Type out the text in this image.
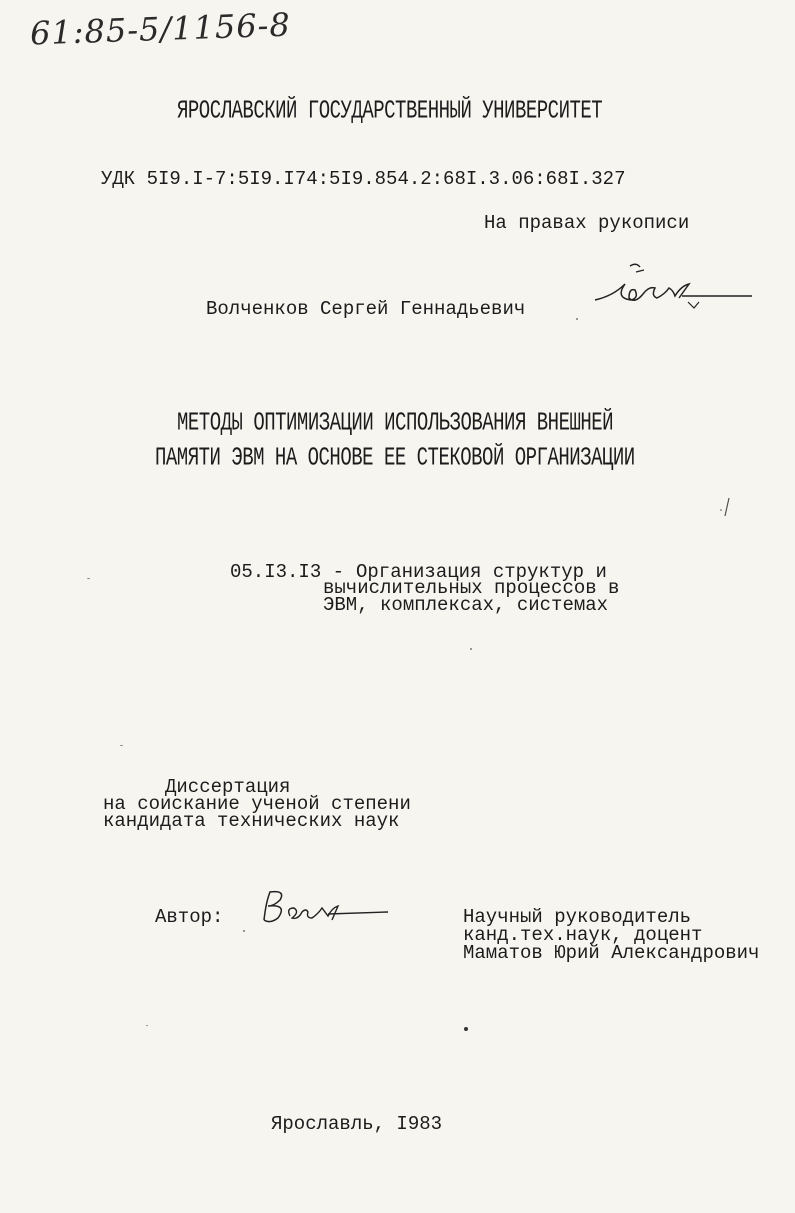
61:85-5/1156-8
ЯРОСЛАВСКИЙ ГОСУДАРСТВЕННЫЙ УНИВЕРСИТЕТ
УДК 5I9.I-7:5I9.I74:5I9.854.2:68I.3.06:68I.327
На правах рукописи
Волченков Сергей Геннадьевич
МЕТОДЫ ОПТИМИЗАЦИИ ИСПОЛЬЗОВАНИЯ ВНЕШНЕЙ
ПАМЯТИ ЭВМ НА ОСНОВЕ ЕЕ СТЕКОВОЙ ОРГАНИЗАЦИИ
05.I3.I3 - Организация структур и
вычислительных процессов в
ЭВМ, комплексах, системах
Диссертация
на соискание ученой степени
кандидата технических наук
Автор:	Научный руководитель
канд.тех.наук, доцент
Маматов Юрий Александрович
Ярославль, I983
